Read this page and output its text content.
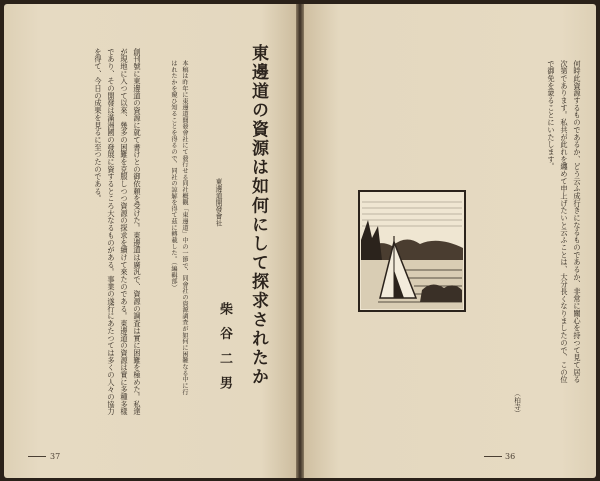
東邊道の資源は如何にして探求されたか
東邊道開發會社
柴谷二男
本稿は昨年に東邊道開發會社にて發行せる同社概觀「東邊道」中の一節で、同會社の資源調査が如何に困難なる中に行はれたかを窺ひ知ることを得るので、同社の諒解を得て茲に轉載した。（編輯部）
創刊號に東邊道の資源に就て書けとの御依頼を受けた。東邊道は廣汎で、資源の調査は實に困難を極めた。私達が現地に入つて以來、幾多の困難を克服しつつ資源の探求を續けて來たのである。東邊道の資源は實に多種多樣であり、その開發は滿洲國の發展に資するところ大なるものがある。事業の遂行にあたつては多くの人々の協力を得て、今日の成果を見るに至つたのである。
37
何時此資源するものであるか、どう云ふ成行きになるものであるか、非常に關心を持つて見て居る次第であります。私共が此れを纏めて申上げたいと云ふことは、大分長くなりましたので、この位で御免を蒙ることにいたします。
（柏寺）
36
